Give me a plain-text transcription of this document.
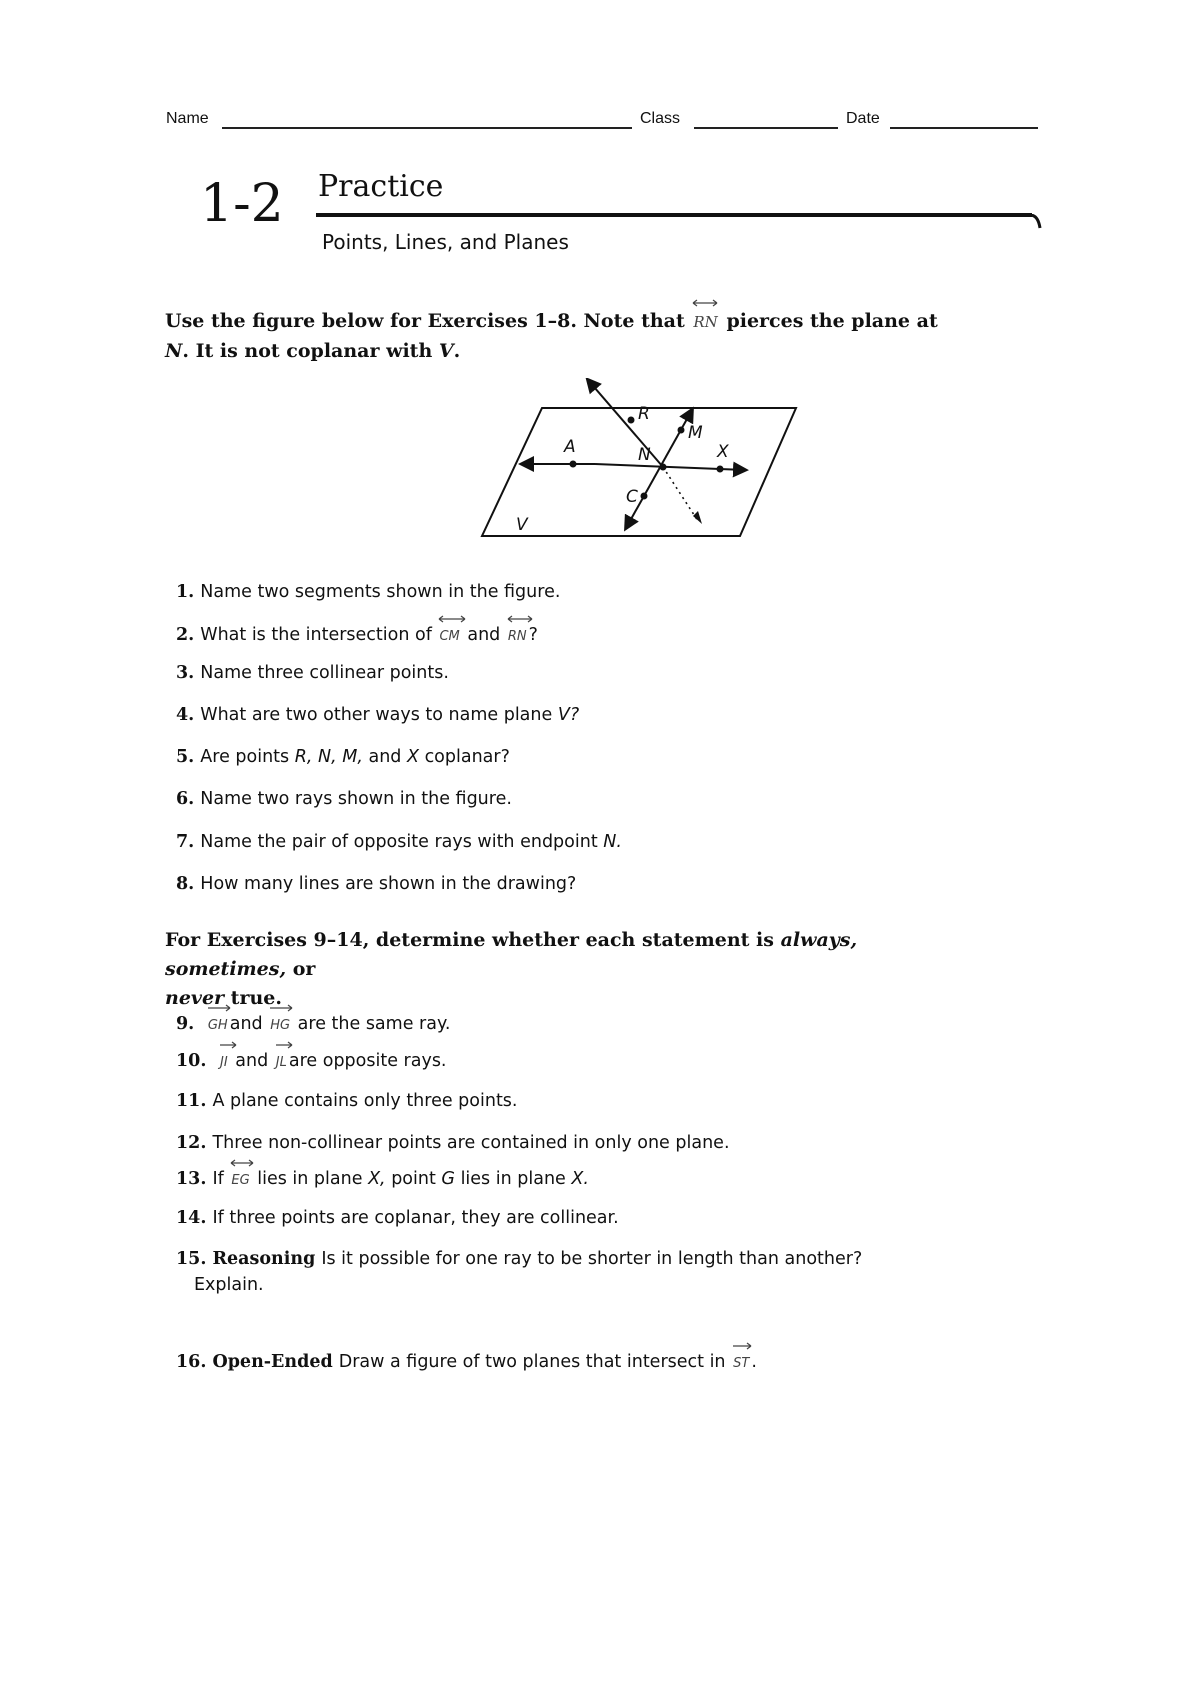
Name	Class	Date
1-2 Practice
Points, Lines, and Planes
Use the figure below for Exercises 1–8. Note that RN pierces the plane at N. It is not coplanar with V.
R
M
A	N	X
C
V
1. Name two segments shown in the figure.
2. What is the intersection of CM and RN ?
3. Name three collinear points.
4. What are two other ways to name plane V?
5. Are points R, N, M, and X coplanar?
6. Name two rays shown in the figure.
7. Name the pair of opposite rays with endpoint N.
8. How many lines are shown in the drawing?
For Exercises 9–14, determine whether each statement is always, sometimes, or
never true.
9. GH and HG are the same ray.
10. JI and JL are opposite rays.
11. A plane contains only three points.
12. Three non-collinear points are contained in only one plane.
13. If EG lies in plane X, point G lies in plane X.
14. If three points are coplanar, they are collinear.
15. Reasoning Is it possible for one ray to be shorter in length than another?
Explain.
16. Open-Ended Draw a figure of two planes that intersect in ST .
